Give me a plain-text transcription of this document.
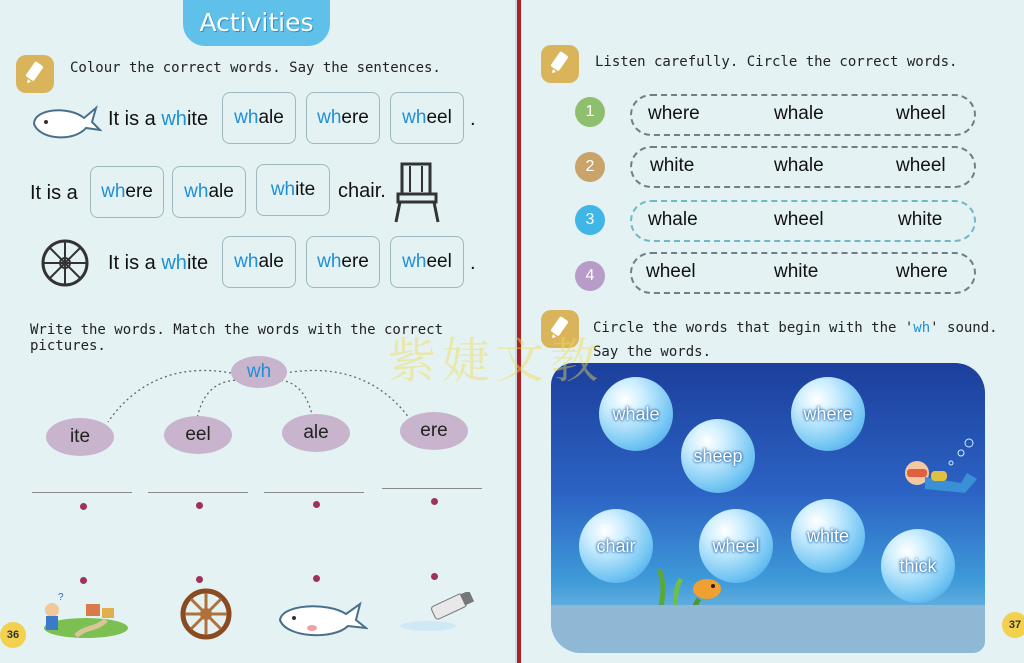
Activities
Colour the correct words. Say the sentences.
It is a white wh ale wh ere wh eel .
It is a wh ere wh ale wh ite chair.
It is a white wh ale wh ere wh eel .
Write the words. Match the words with the correct pictures.
wh
ite	eel	ale	ere
?
36
Listen carefully. Circle the correct words.
1	where	whale	wheel
2	white	whale	wheel
3	whale	wheel	white
4	wheel	white	where
Circle the words that begin with the 'wh' sound.
Say the words.
whale	where
sheep
chair	wheel	white
thick
37
紫婕文教
